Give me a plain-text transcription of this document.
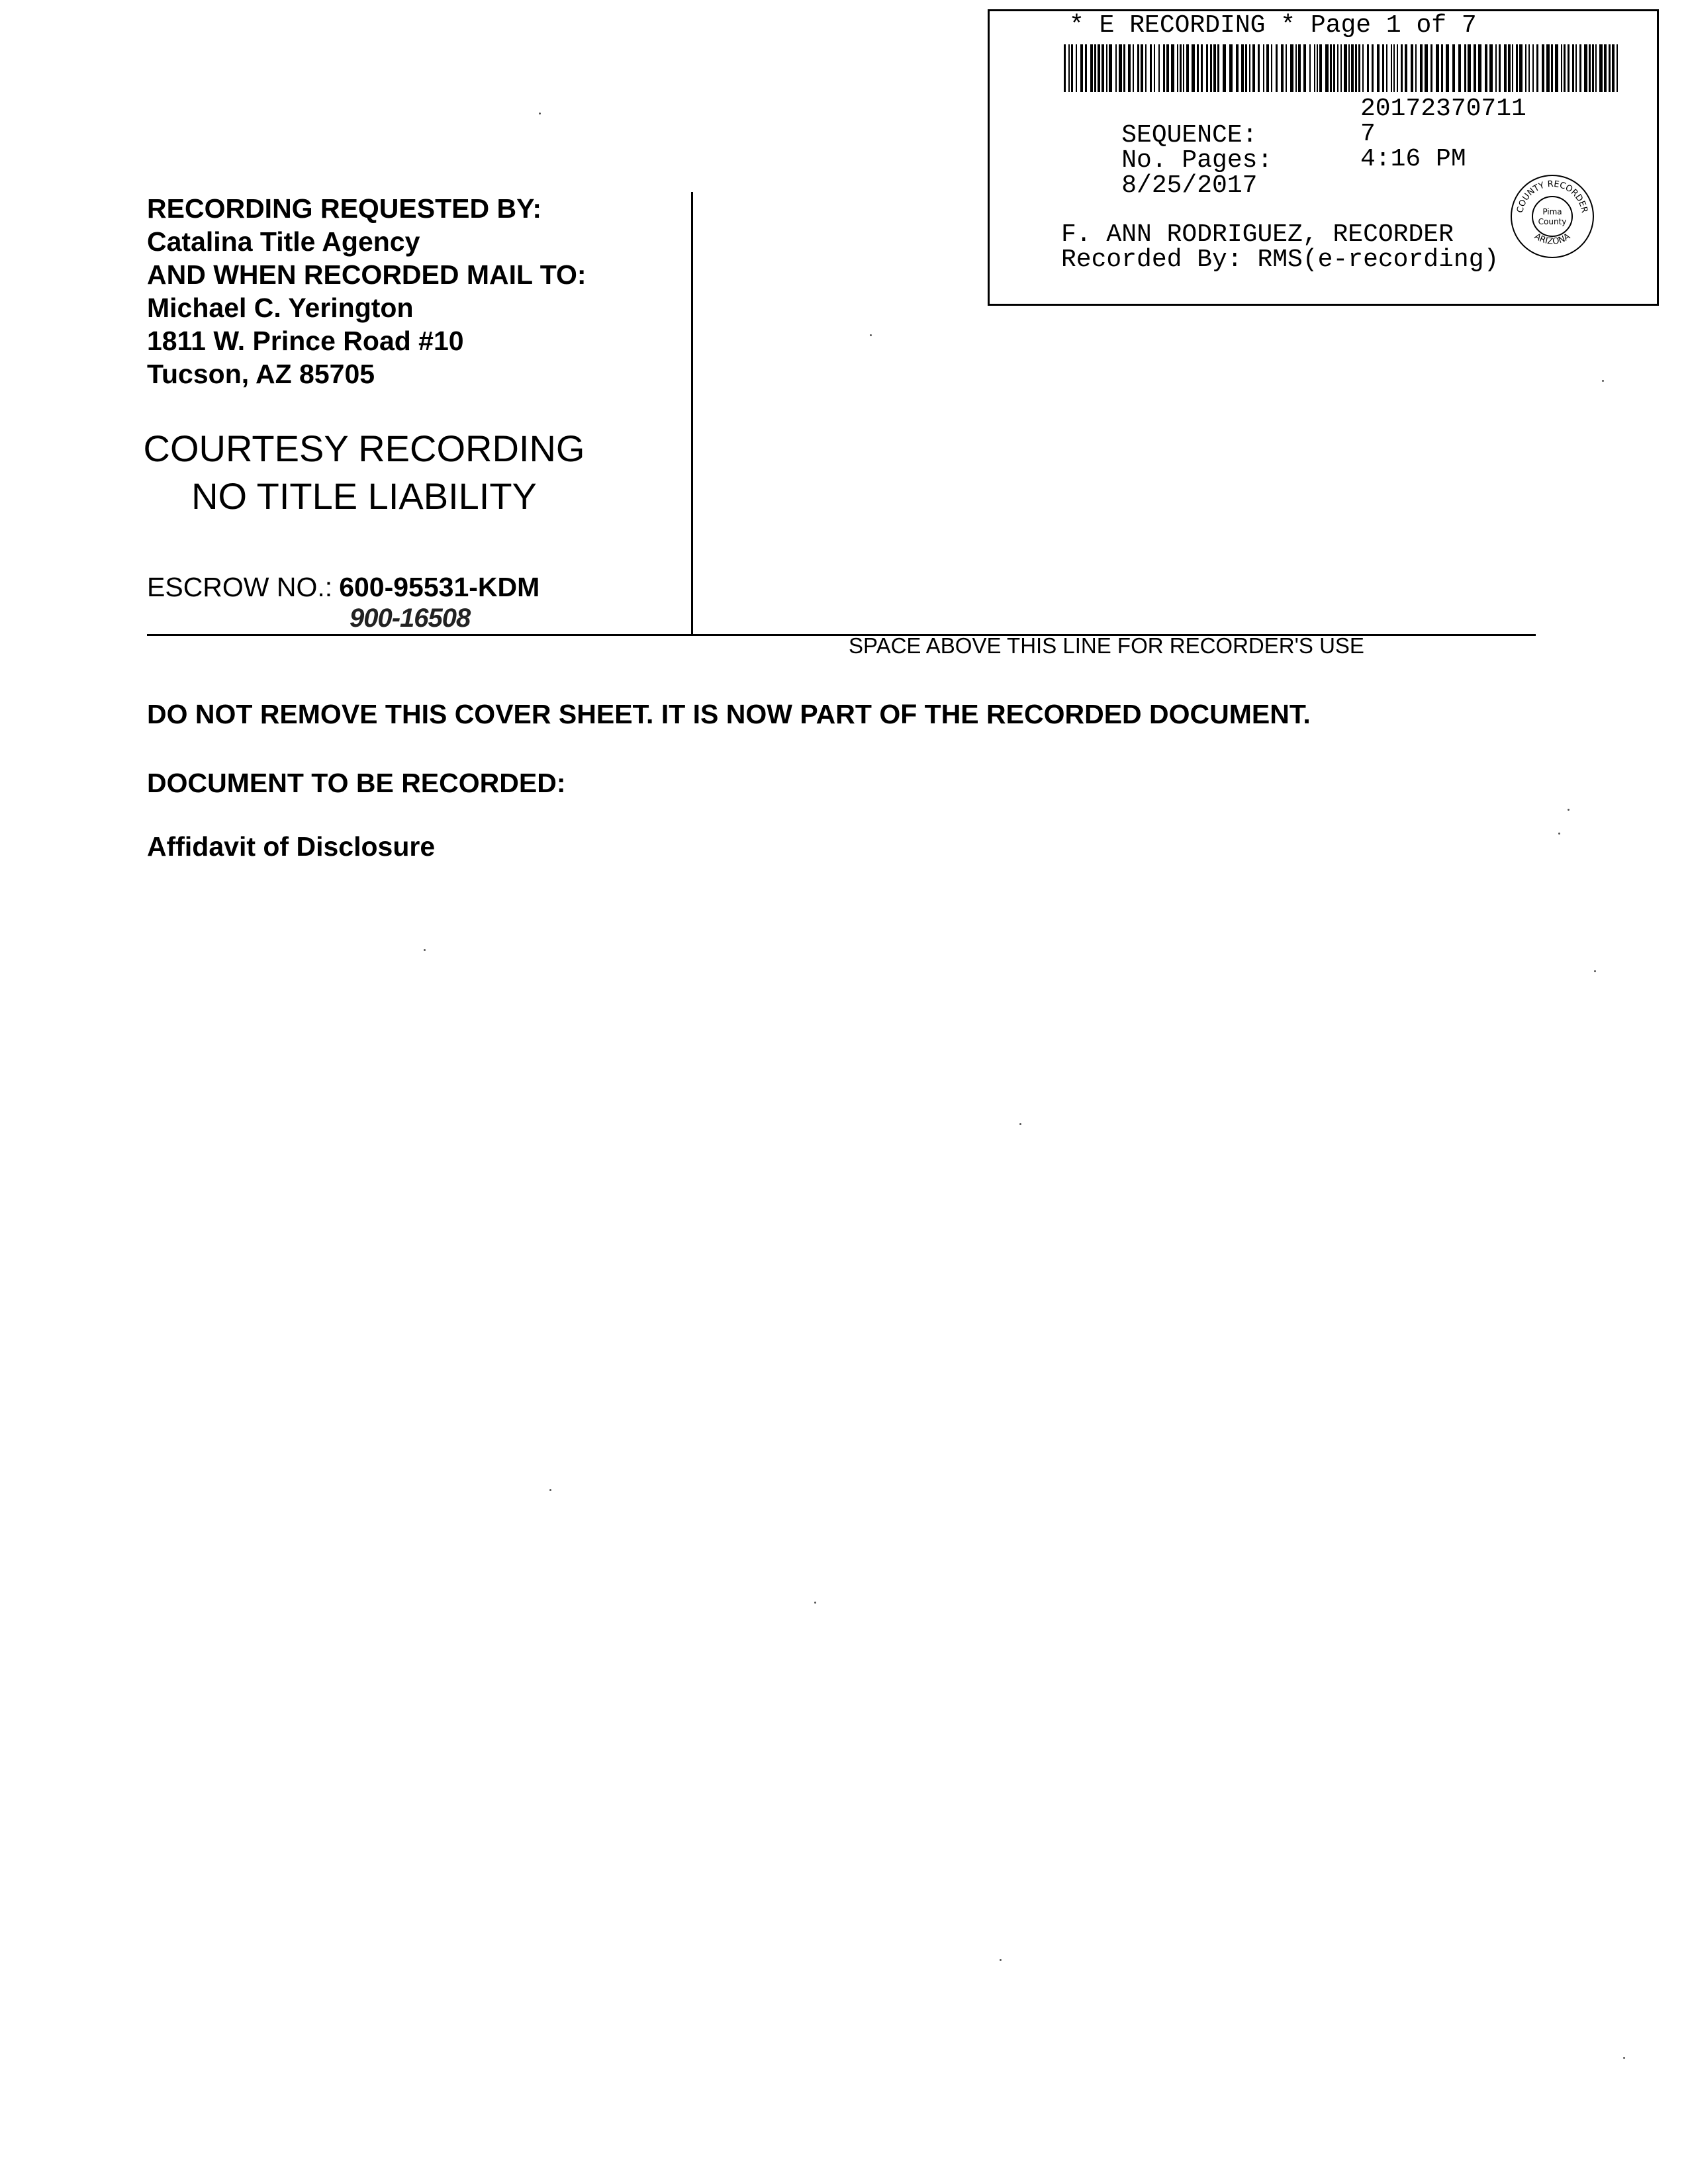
* E RECORDING * Page 1 of 7

SEQUENCE:

20172370711

No. Pages:

7

8/25/2017

4:16 PM

F. ANN RODRIGUEZ, RECORDER
Recorded By: RMS(e-recording)
COUNTY RECORDER
ARIZONA
Pima
County
RECORDING REQUESTED BY:
Catalina Title Agency
AND WHEN RECORDED MAIL TO:
Michael C. Yerington
1811 W. Prince Road #10
Tucson, AZ 85705
COURTESY RECORDING
NO TITLE LIABILITY
ESCROW NO.: 600-95531-KDM
900-16508
SPACE ABOVE THIS LINE FOR RECORDER'S USE
DO NOT REMOVE THIS COVER SHEET. IT IS NOW PART OF THE RECORDED DOCUMENT.
DOCUMENT TO BE RECORDED:
Affidavit of Disclosure
